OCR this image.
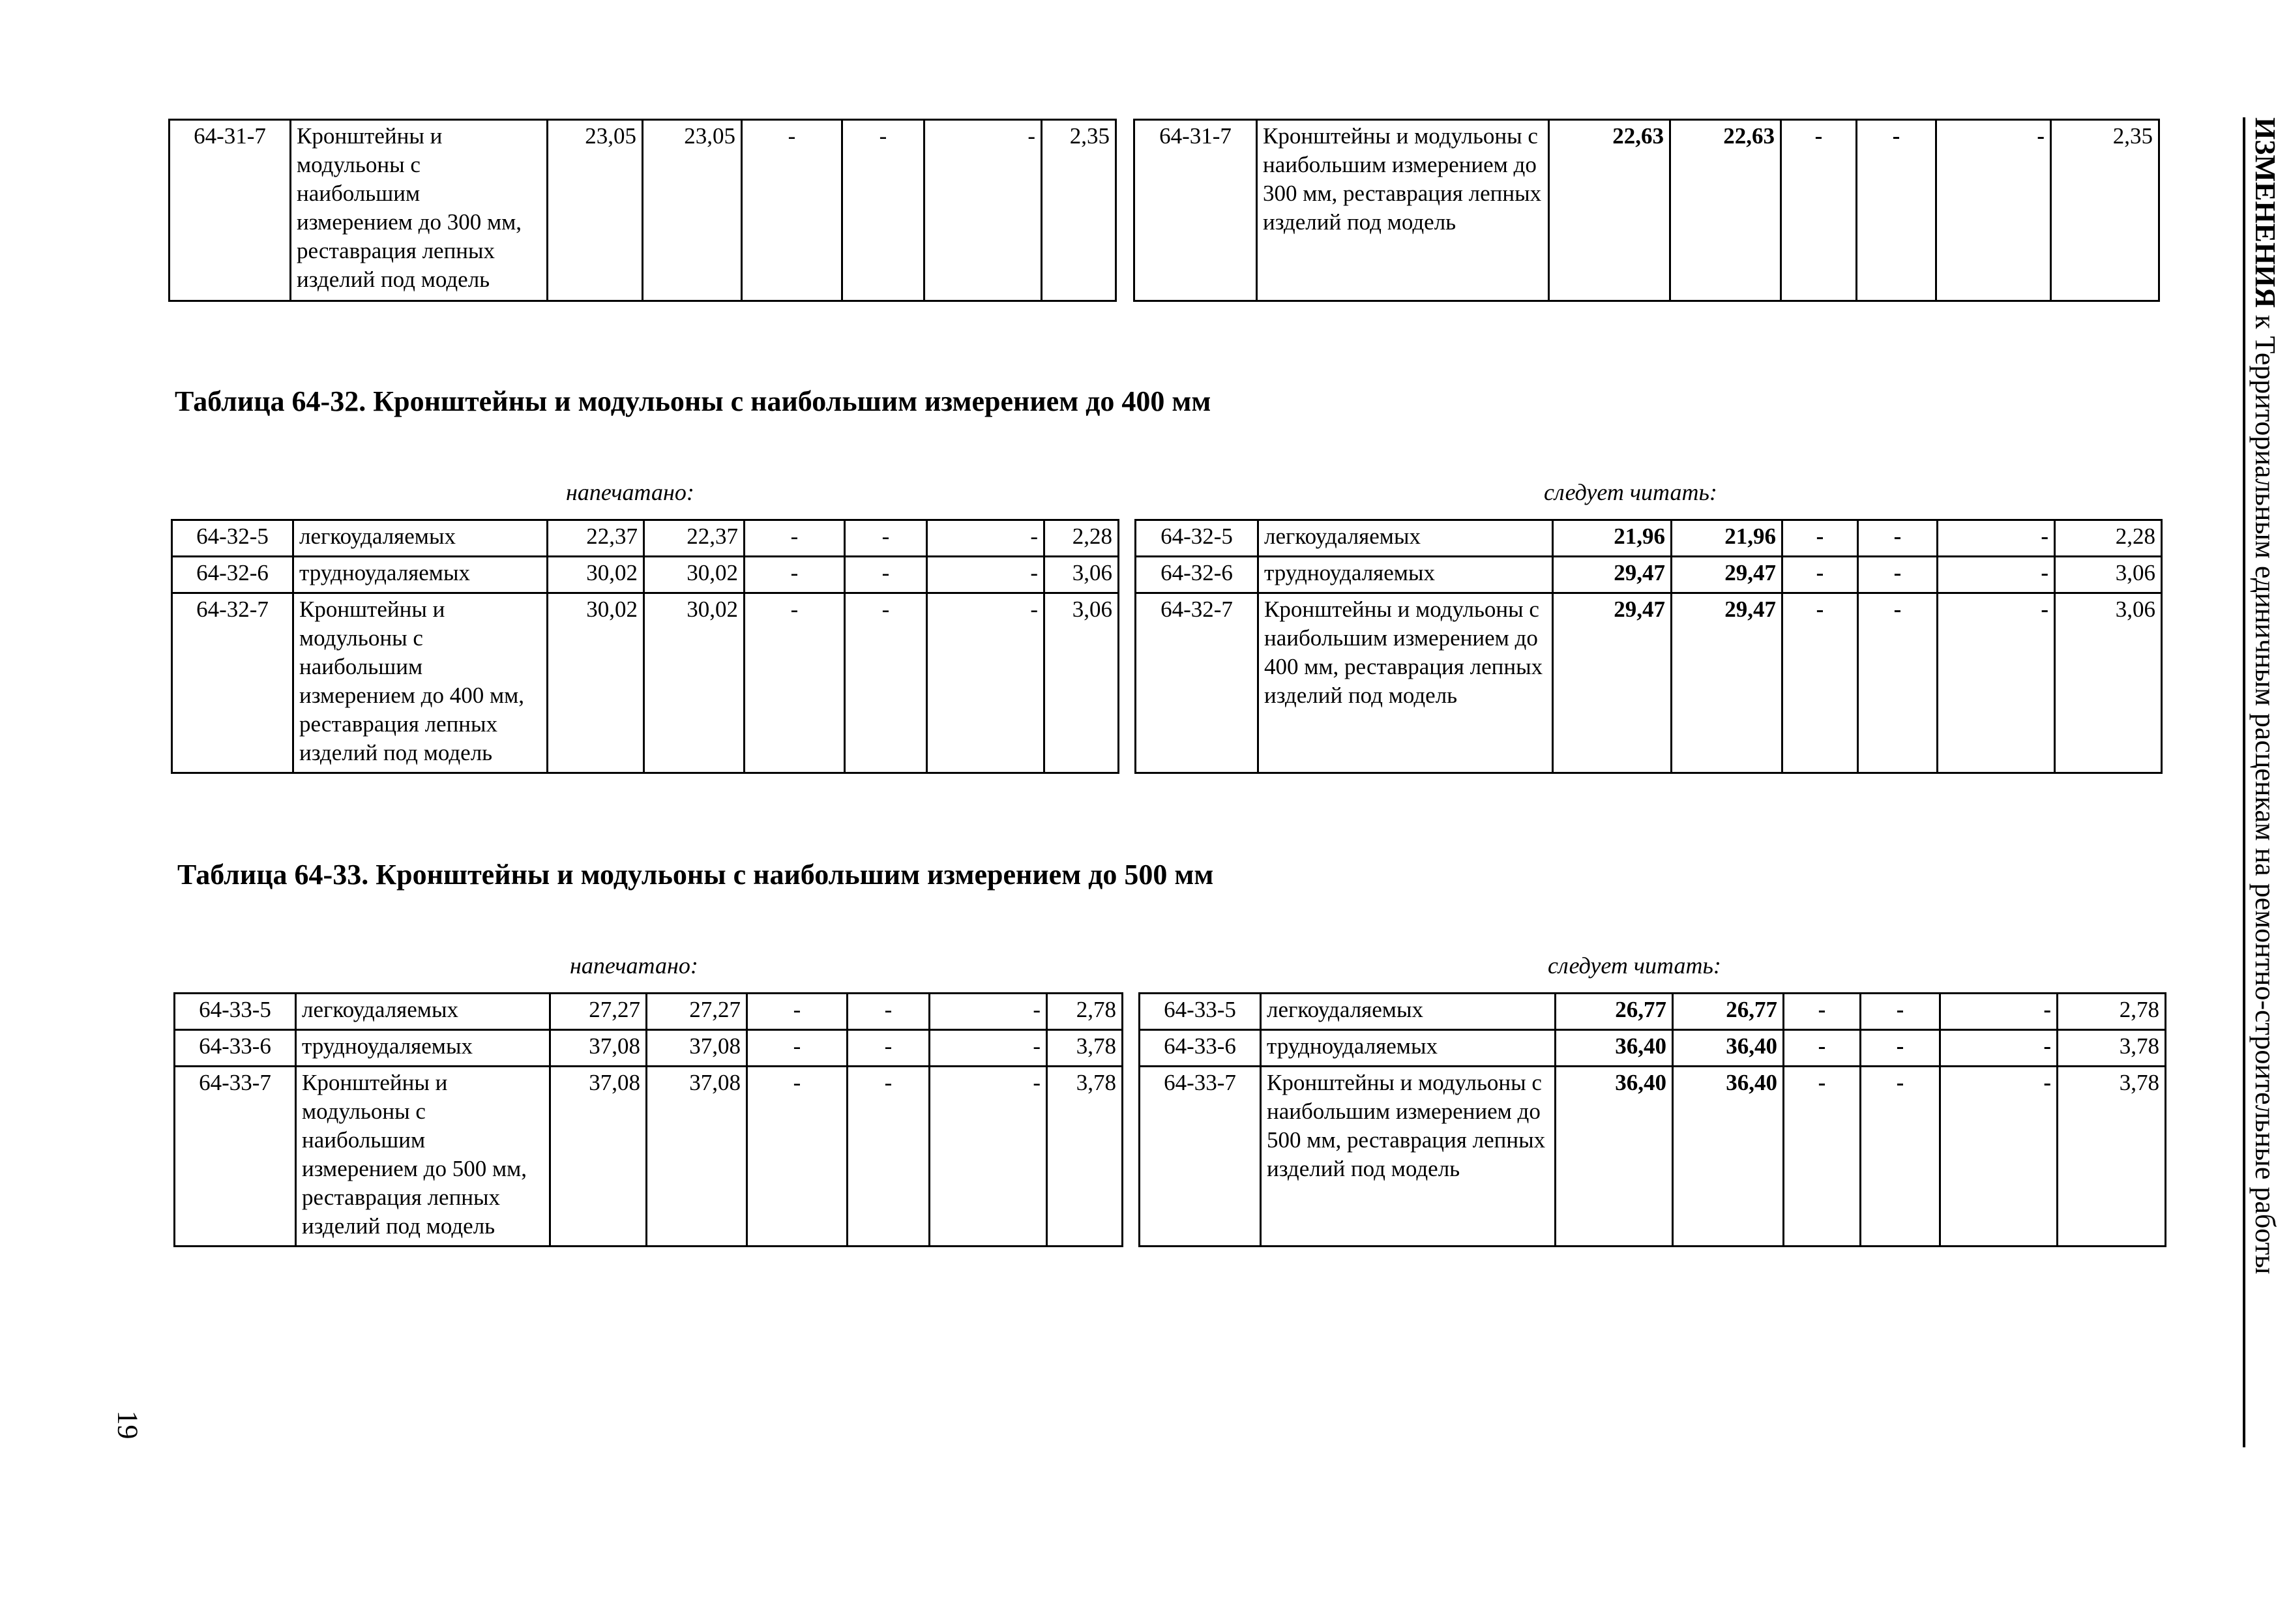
64-31-7	Кронштейны и модульоны с наибольшим измерением до 300 мм, реставрация лепных изделий под модель	23,05	23,05	-	-	-	2,35 64-31-7	Кронштейны и модульоны с наибольшим измерением до 300 мм, реставрация лепных изделий под модель	22,63	22,63	-	-	-	2,35
Таблица 64-32. Кронштейны и модульоны с наибольшим измерением до 400 мм
напечатано:	следует читать:
64-32-5	легкоудаляемых	22,37	22,37	-	-	-	2,28
64-32-6	трудноудаляемых	30,02	30,02	-	-	-	3,06
64-32-7	Кронштейны и модульоны с наибольшим измерением до 400 мм, реставрация лепных изделий под модель	30,02	30,02	-	-	-	3,06
64-32-5	легкоудаляемых	21,96	21,96	-	-	-	2,28
64-32-6	трудноудаляемых	29,47	29,47	-	-	-	3,06
64-32-7	Кронштейны и модульоны с наибольшим измерением до 400 мм, реставрация лепных изделий под модель	29,47	29,47	-	-	-	3,06
Таблица 64-33. Кронштейны и модульоны с наибольшим измерением до 500 мм
напечатано:	следует читать:
64-33-5	легкоудаляемых	27,27	27,27	-	-	-	2,78
64-33-6	трудноудаляемых	37,08	37,08	-	-	-	3,78
64-33-7	Кронштейны и модульоны с наибольшим измерением до 500 мм, реставрация лепных изделий под модель	37,08	37,08	-	-	-	3,78
64-33-5	легкоудаляемых	26,77	26,77	-	-	-	2,78
64-33-6	трудноудаляемых	36,40	36,40	-	-	-	3,78
64-33-7	Кронштейны и модульоны с наибольшим измерением до 500 мм, реставрация лепных изделий под модель	36,40	36,40	-	-	-	3,78
ИЗМЕНЕНИЯ к Территориальным единичным расценкам на ремонтно-строительные работы
19
